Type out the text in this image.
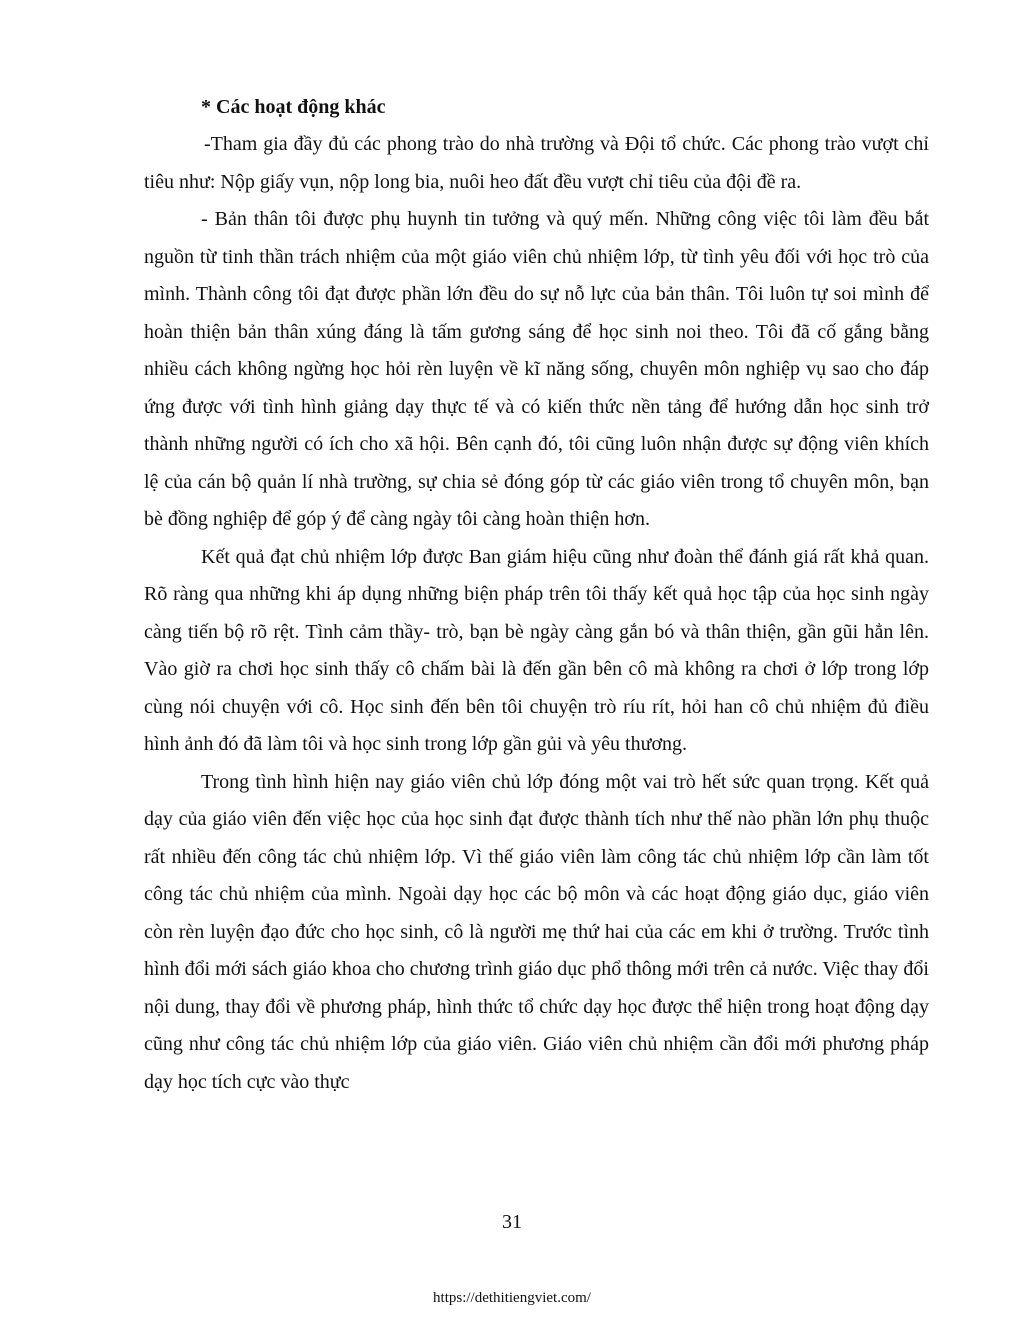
* Các hoạt động khác

-Tham gia đầy đủ các phong trào do nhà trường và Đội tổ chức. Các phong trào vượt chỉ tiêu như: Nộp giấy vụn, nộp long bia, nuôi heo đất đều vượt chỉ tiêu của đội đề ra.

- Bản thân tôi được phụ huynh tin tưởng và quý mến. Những công việc tôi làm đều bắt nguồn từ tinh thần trách nhiệm của một giáo viên chủ nhiệm lớp, từ tình yêu đối với học trò của mình. Thành công tôi đạt được phần lớn đều do sự nỗ lực của bản thân. Tôi luôn tự soi mình để hoàn thiện bản thân xúng đáng là tấm gương sáng để học sinh noi theo. Tôi đã cố gắng bằng nhiều cách không ngừng học hỏi rèn luyện về kĩ năng sống, chuyên môn nghiệp vụ sao cho đáp ứng được với tình hình giảng dạy thực tế và có kiến thức nền tảng để hướng dẫn học sinh trở thành những người có ích cho xã hội. Bên cạnh đó, tôi cũng luôn nhận được sự động viên khích lệ của cán bộ quản lí nhà trường, sự chia sẻ đóng góp từ các giáo viên trong tổ chuyên môn, bạn bè đồng nghiệp để góp ý để càng ngày tôi càng hoàn thiện hơn.

Kết quả đạt chủ nhiệm lớp được Ban giám hiệu cũng như đoàn thể đánh giá rất khả quan. Rõ ràng qua những khi áp dụng những biện pháp trên tôi thấy kết quả học tập của học sinh ngày càng tiến bộ rõ rệt. Tình cảm thầy- trò, bạn bè ngày càng gắn bó và thân thiện, gần gũi hẳn lên. Vào giờ ra chơi học sinh thấy cô chấm bài là đến gần bên cô mà không ra chơi ở lớp trong lớp cùng nói chuyện với cô. Học sinh đến bên tôi chuyện trò ríu rít, hỏi han cô chủ nhiệm đủ điều hình ảnh đó đã làm tôi và học sinh trong lớp gần gủi và yêu thương.

Trong tình hình hiện nay giáo viên chủ lớp đóng một vai trò hết sức quan trọng. Kết quả dạy của giáo viên đến việc học của học sinh đạt được thành tích như thế nào phần lớn phụ thuộc rất nhiều đến công tác chủ nhiệm lớp. Vì thế giáo viên làm công tác chủ nhiệm lớp cần làm tốt công tác chủ nhiệm của mình. Ngoài dạy học các bộ môn và các hoạt động giáo dục, giáo viên còn rèn luyện đạo đức cho học sinh, cô là người mẹ thứ hai của các em khi ở trường. Trước tình hình đổi mới sách giáo khoa cho chương trình giáo dục phổ thông mới trên cả nước. Việc thay đổi nội dung, thay đổi về phương pháp, hình thức tổ chức dạy học được thể hiện trong hoạt động dạy cũng như công tác chủ nhiệm lớp của giáo viên. Giáo viên chủ nhiệm cần đổi mới phương pháp dạy học tích cực vào thực

31

https://dethitiengviet.com/
